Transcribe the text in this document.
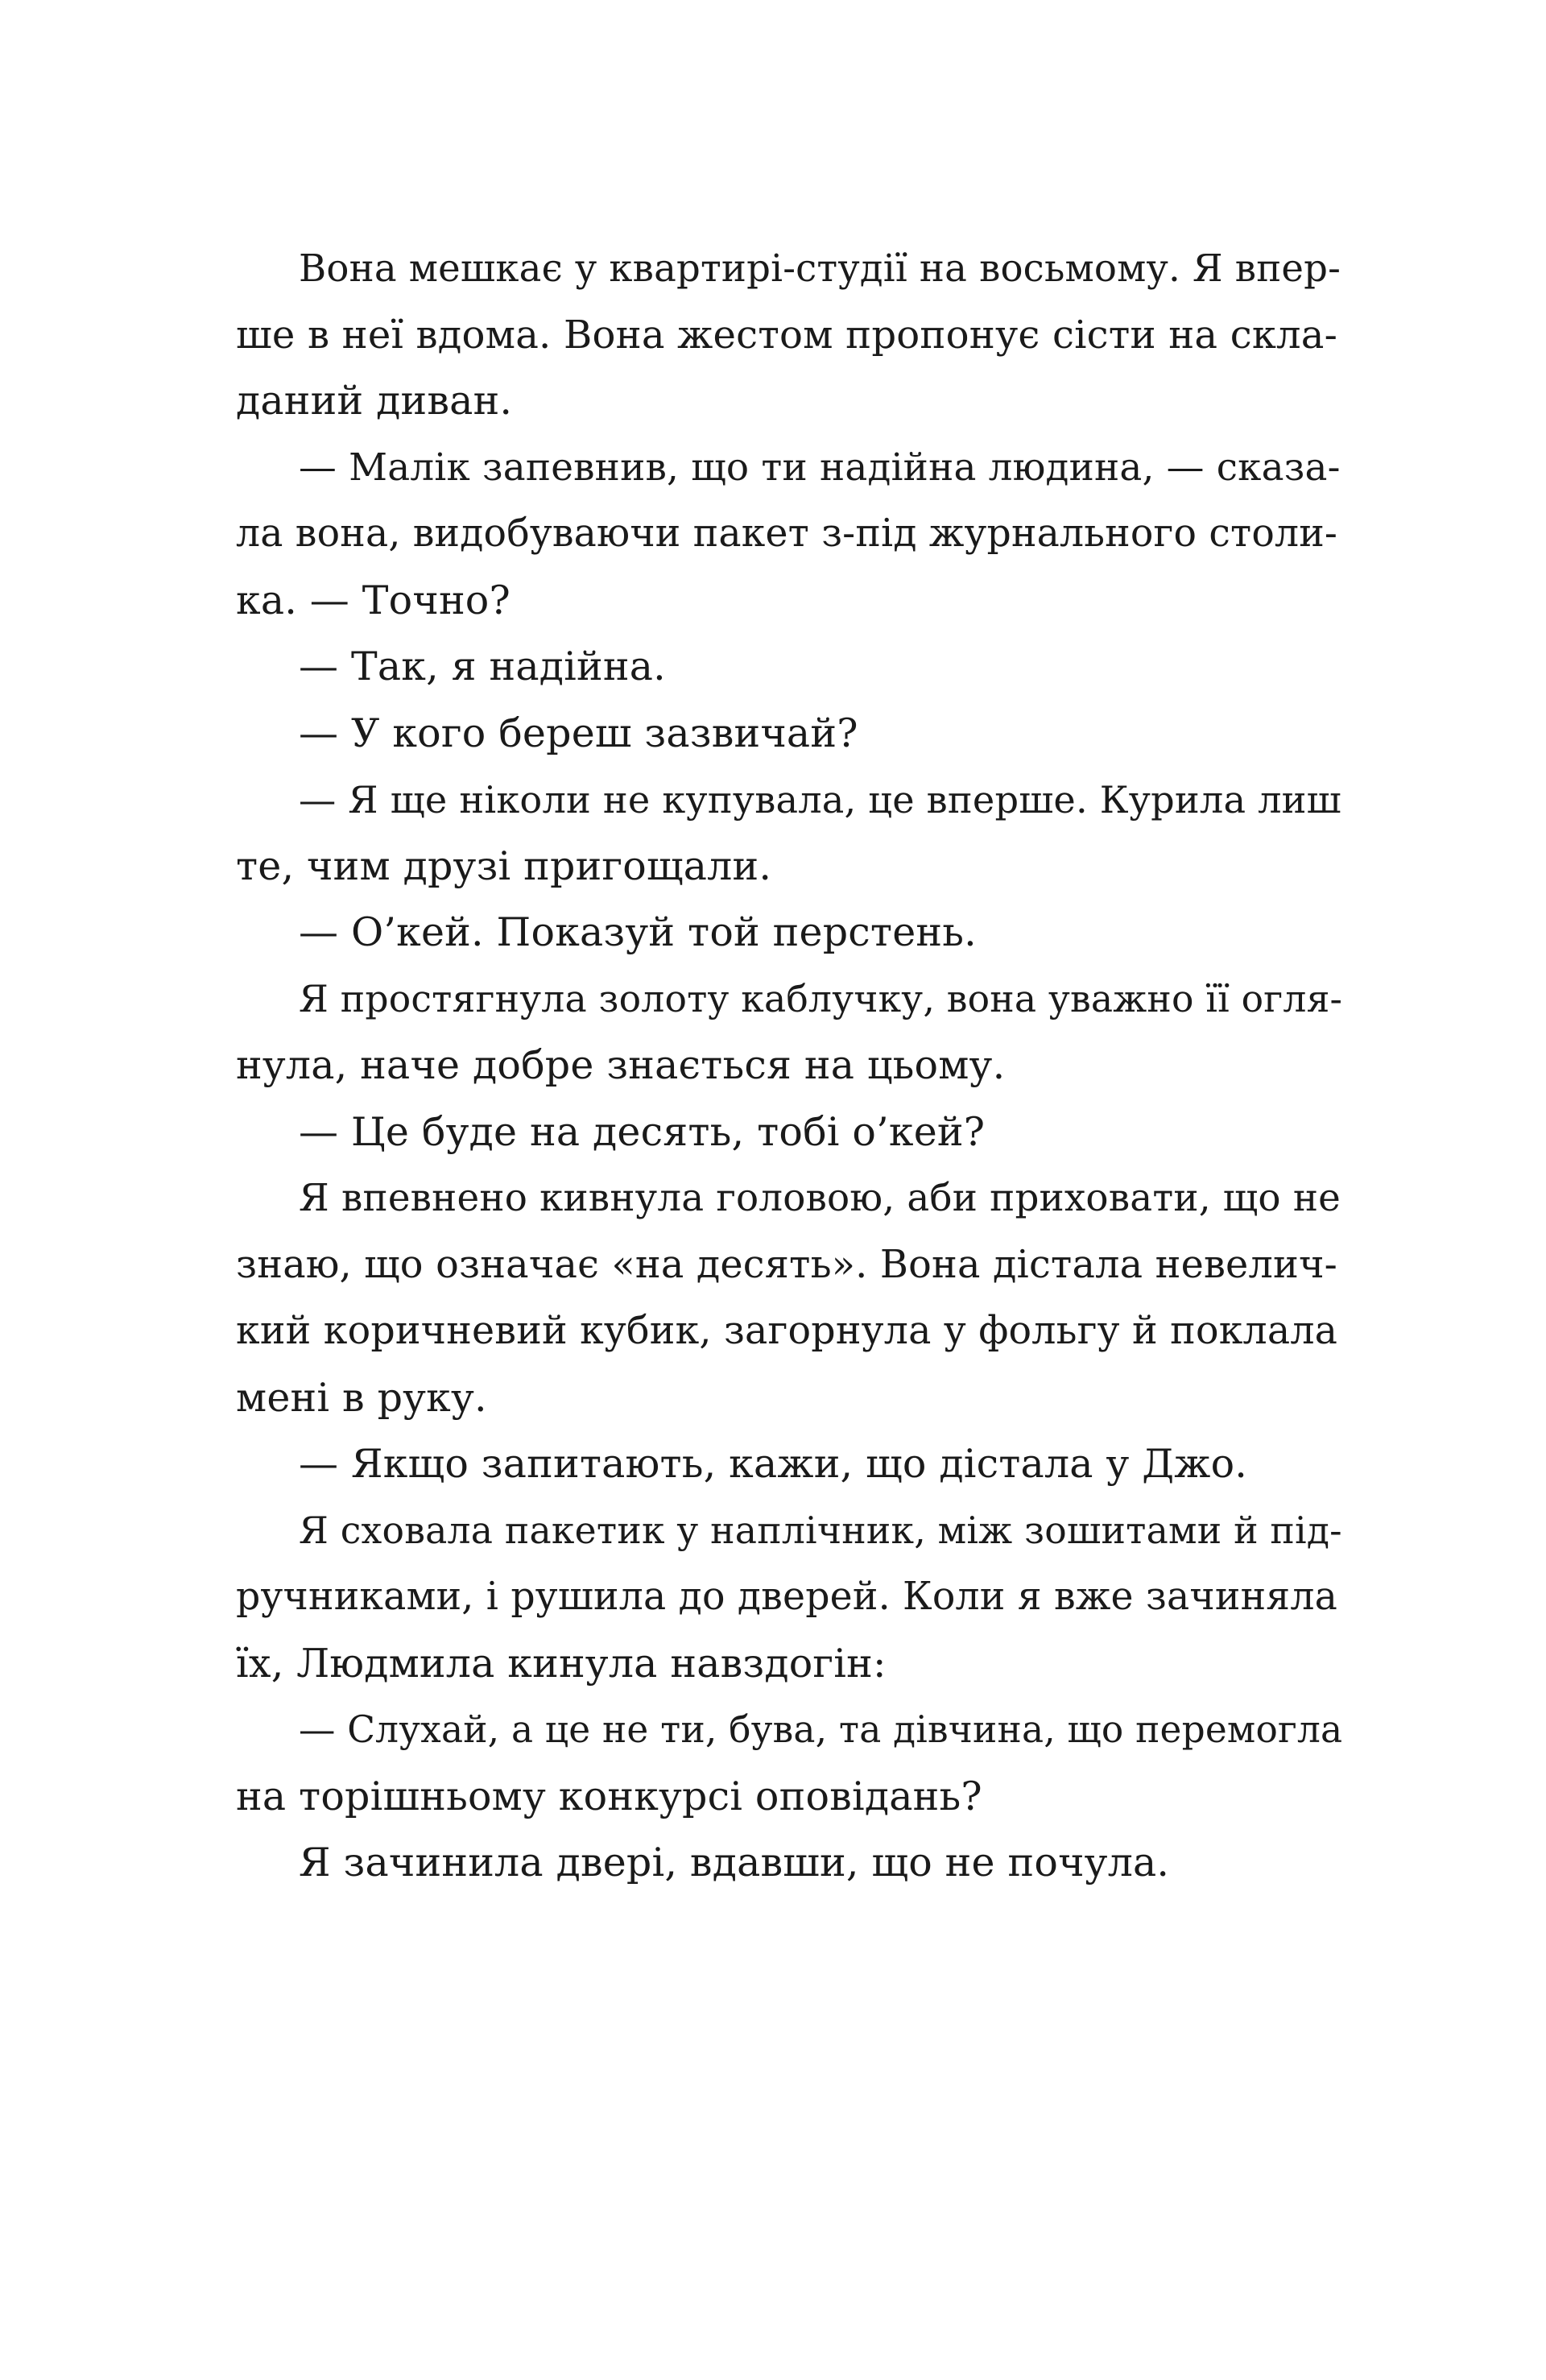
Вона мешкає у квартирі-студії на восьмому. Я впер-
ше в неї вдома. Вона жестом пропонує сісти на скла-
даний диван.
— Малік запевнив, що ти надійна людина, — сказа-
ла вона, видобуваючи пакет з-під журнального столи-
ка. — Точно?
— Так, я надійна.
— У кого береш зазвичай?
— Я ще ніколи не купувала, це вперше. Курила лиш
те, чим друзі пригощали.
— О’кей. Показуй той перстень.
Я простягнула золоту каблучку, вона уважно її огля-
нула, наче добре знається на цьому.
— Це буде на десять, тобі о’кей?
Я впевнено кивнула головою, аби приховати, що не
знаю, що означає «на десять». Вона дістала невелич-
кий коричневий кубик, загорнула у фольгу й поклала
мені в руку.
— Якщо запитають, кажи, що дістала у Джо.
Я сховала пакетик у наплічник, між зошитами й під-
ручниками, і рушила до дверей. Коли я вже зачиняла
їх, Людмила кинула навздогін:
— Слухай, а це не ти, бува, та дівчина, що перемогла
на торішньому конкурсі оповідань?
Я зачинила двері, вдавши, що не почула.
